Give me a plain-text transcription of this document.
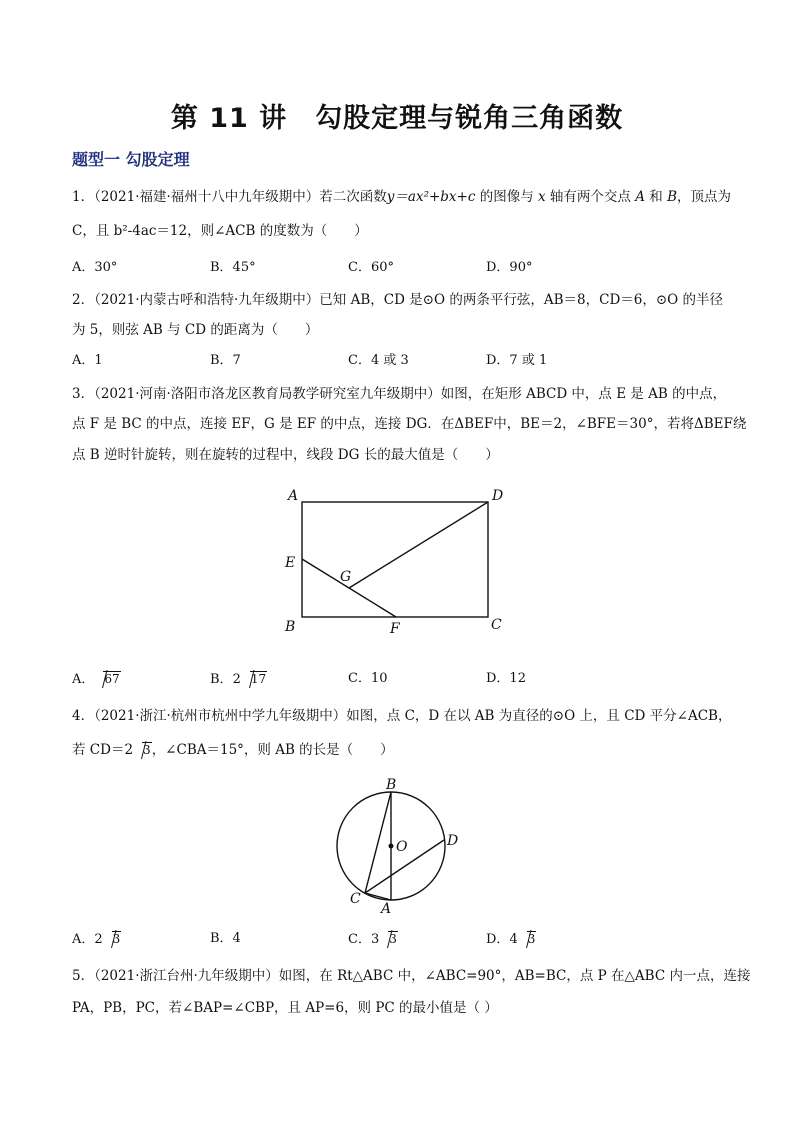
第 11 讲　勾股定理与锐角三角函数
题型一 勾股定理
1．（2021·福建·福州十八中九年级期中）若二次函数y＝ax²+bx+c 的图像与 x 轴有两个交点 A 和 B，顶点为
C，且 b²-4ac＝12，则∠ACB 的度数为（　　）
A．30°	B．45°	C．60°	D．90°
2．（2021·内蒙古呼和浩特·九年级期中）已知 AB，CD 是⊙O 的两条平行弦，AB＝8，CD＝6，⊙O 的半径
为 5，则弦 AB 与 CD 的距离为（　　）
A．1	B．7	C．4 或 3	D．7 或 1
3．（2021·河南·洛阳市洛龙区教育局教学研究室九年级期中）如图，在矩形 ABCD 中，点 E 是 AB 的中点，
点 F 是 BC 的中点，连接 EF，G 是 EF 的中点，连接 DG．在ΔBEF中，BE＝2，∠BFE＝30°，若将ΔBEF绕
点 B 逆时针旋转，则在旋转的过程中，线段 DG 长的最大值是（　　）
A	D
E
G
B	F	C
A． 67	B．2 17	C．10	D．12
4．（2021·浙江·杭州市杭州中学九年级期中）如图，点 C，D 在以 AB 为直径的⊙O 上，且 CD 平分∠ACB，
若 CD＝2 3，∠CBA＝15°，则 AB 的长是（　　）
B
O	D
C
A
A．2 3	B．4	C．3 3	D．4 3
5．（2021·浙江台州·九年级期中）如图，在 Rt△ABC 中，∠ABC=90°，AB=BC，点 P 在△ABC 内一点，连接
PA，PB，PC，若∠BAP=∠CBP，且 AP=6，则 PC 的最小值是（ ）
